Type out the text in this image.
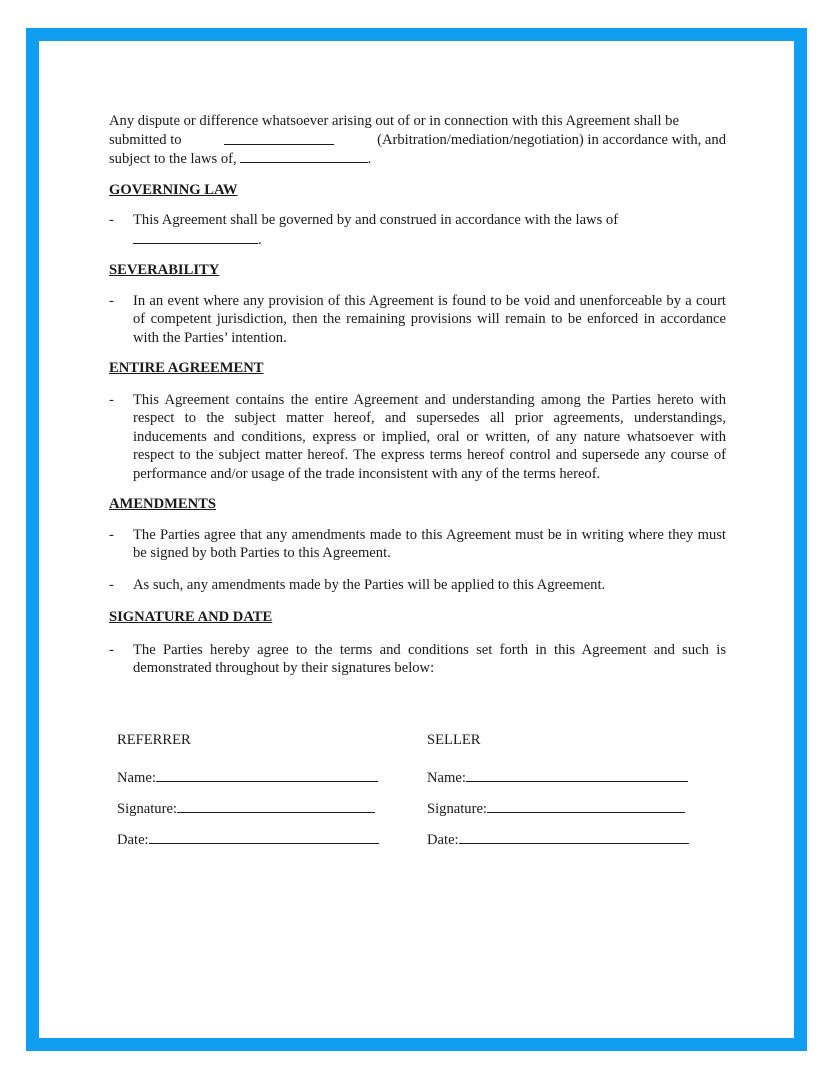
Any dispute or difference whatsoever arising out of or in connection with this Agreement shall be

submitted to	(Arbitration/mediation/negotiation) in accordance with, and
subject to the laws of,	.

GOVERNING LAW
- This Agreement shall be governed by and construed in accordance with the laws of
.
SEVERABILITY
- In an event where any provision of this Agreement is found to be void and unenforceable by a court of competent jurisdiction, then the remaining provisions will remain to be enforced in accordance with the Parties’ intention.
ENTIRE AGREEMENT
- This Agreement contains the entire Agreement and understanding among the Parties hereto with respect to the subject matter hereof, and supersedes all prior agreements, understandings, inducements and conditions, express or implied, oral or written, of any nature whatsoever with respect to the subject matter hereof. The express terms hereof control and supersede any course of performance and/or usage of the trade inconsistent with any of the terms hereof.
AMENDMENTS
- The Parties agree that any amendments made to this Agreement must be in writing where they must be signed by both Parties to this Agreement.
- As such, any amendments made by the Parties will be applied to this Agreement.
SIGNATURE AND DATE
- The Parties hereby agree to the terms and conditions set forth in this Agreement and such is demonstrated throughout by their signatures below:
REFERRER
Name:
Signature:
Date:
SELLER
Name:
Signature:
Date:
